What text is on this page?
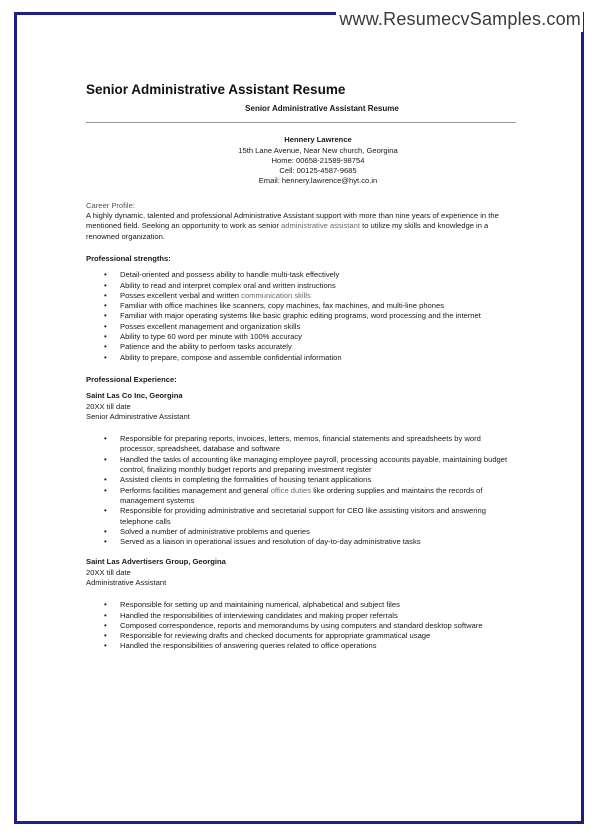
www.ResumecvSamples.com
Senior Administrative Assistant Resume
Senior Administrative Assistant Resume
Hennery Lawrence
15th Lane Avenue, Near New church, Georgina
Home: 00658-21589-98754
Cell: 00125-4587-9685
Email: hennery.lawrence@hyt.co.in
Career Profile:
A highly dynamic, talented and professional Administrative Assistant support with more than nine years of experience in the mentioned field. Seeking an opportunity to work as senior administrative assistant to utilize my skills and knowledge in a renowned organization.
Professional strengths:
• Detail-oriented and possess ability to handle multi-task effectively
• Ability to read and interpret complex oral and written instructions
• Posses excellent verbal and written communication skills
• Familiar with office machines like scanners, copy machines, fax machines, and multi-line phones
• Familiar with major operating systems like basic graphic editing programs, word processing and the internet
• Posses excellent management and organization skills
• Ability to type 60 word per minute with 100% accuracy
• Patience and the ability to perform tasks accurately
• Ability to prepare, compose and assemble confidential information
Professional Experience:
Saint Las Co Inc, Georgina
20XX till date
Senior Administrative Assistant
• Responsible for preparing reports, invoices, letters, memos, financial statements and spreadsheets by word processor, spreadsheet, database and software
• Handled the tasks of accounting like managing employee payroll, processing accounts payable, maintaining budget control, finalizing monthly budget reports and preparing investment register
• Assisted clients in completing the formalities of housing tenant applications
• Performs facilities management and general office duties like ordering supplies and maintains the records of management systems
• Responsible for providing administrative and secretarial support for CEO like assisting visitors and answering telephone calls
• Solved a number of administrative problems and queries
• Served as a liaison in operational issues and resolution of day-to-day administrative tasks
Saint Las Advertisers Group, Georgina
20XX till date
Administrative Assistant
• Responsible for setting up and maintaining numerical, alphabetical and subject files
• Handled the responsibilities of interviewing candidates and making proper referrals
• Composed correspondence, reports and memorandums by using computers and standard desktop software
• Responsible for reviewing drafts and checked documents for appropriate grammatical usage
• Handled the responsibilities of answering queries related to office operations
